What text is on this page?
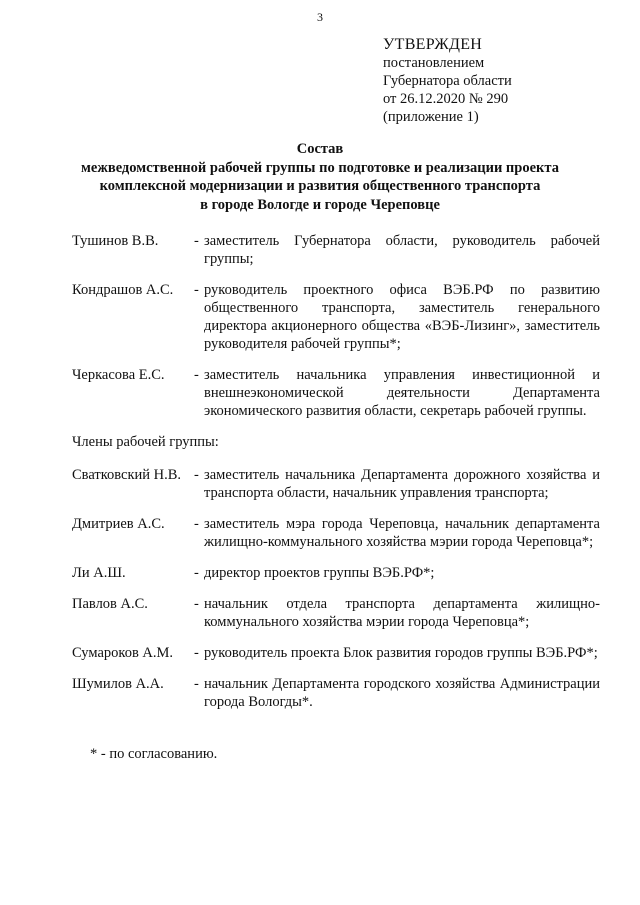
3
УТВЕРЖДЕН
постановлением
Губернатора области
от 26.12.2020 № 290
(приложение 1)
Состав
межведомственной рабочей группы по подготовке и реализации проекта
комплексной модернизации и развития общественного транспорта
в городе Вологде и городе Череповце
Тушинов В.В.	- заместитель Губернатора области, руководитель рабочей группы;
Кондрашов А.С.	- руководитель проектного офиса ВЭБ.РФ по развитию общественного транспорта, заместитель генерального директора акционерного общества «ВЭБ-Лизинг», заместитель руководителя рабочей группы*;
Черкасова Е.С.	- заместитель начальника управления инвестиционной и внешнеэкономической деятельности Департамента экономического развития области, секретарь рабочей группы.
Члены рабочей группы:
Сватковский Н.В. - заместитель начальника Департамента дорожного хозяйства и транспорта области, начальник управления транспорта;
Дмитриев А.С.	- заместитель мэра города Череповца, начальник департамента жилищно-коммунального хозяйства мэрии города Череповца*;
Ли А.Ш.	- директор проектов группы ВЭБ.РФ*;
Павлов А.С.	- начальник отдела транспорта департамента жилищно-коммунального хозяйства мэрии города Череповца*;
Сумароков А.М.	- руководитель проекта Блок развития городов группы ВЭБ.РФ*;
Шумилов А.А.	- начальник Департамента городского хозяйства Администрации города Вологды*.
* - по согласованию.
